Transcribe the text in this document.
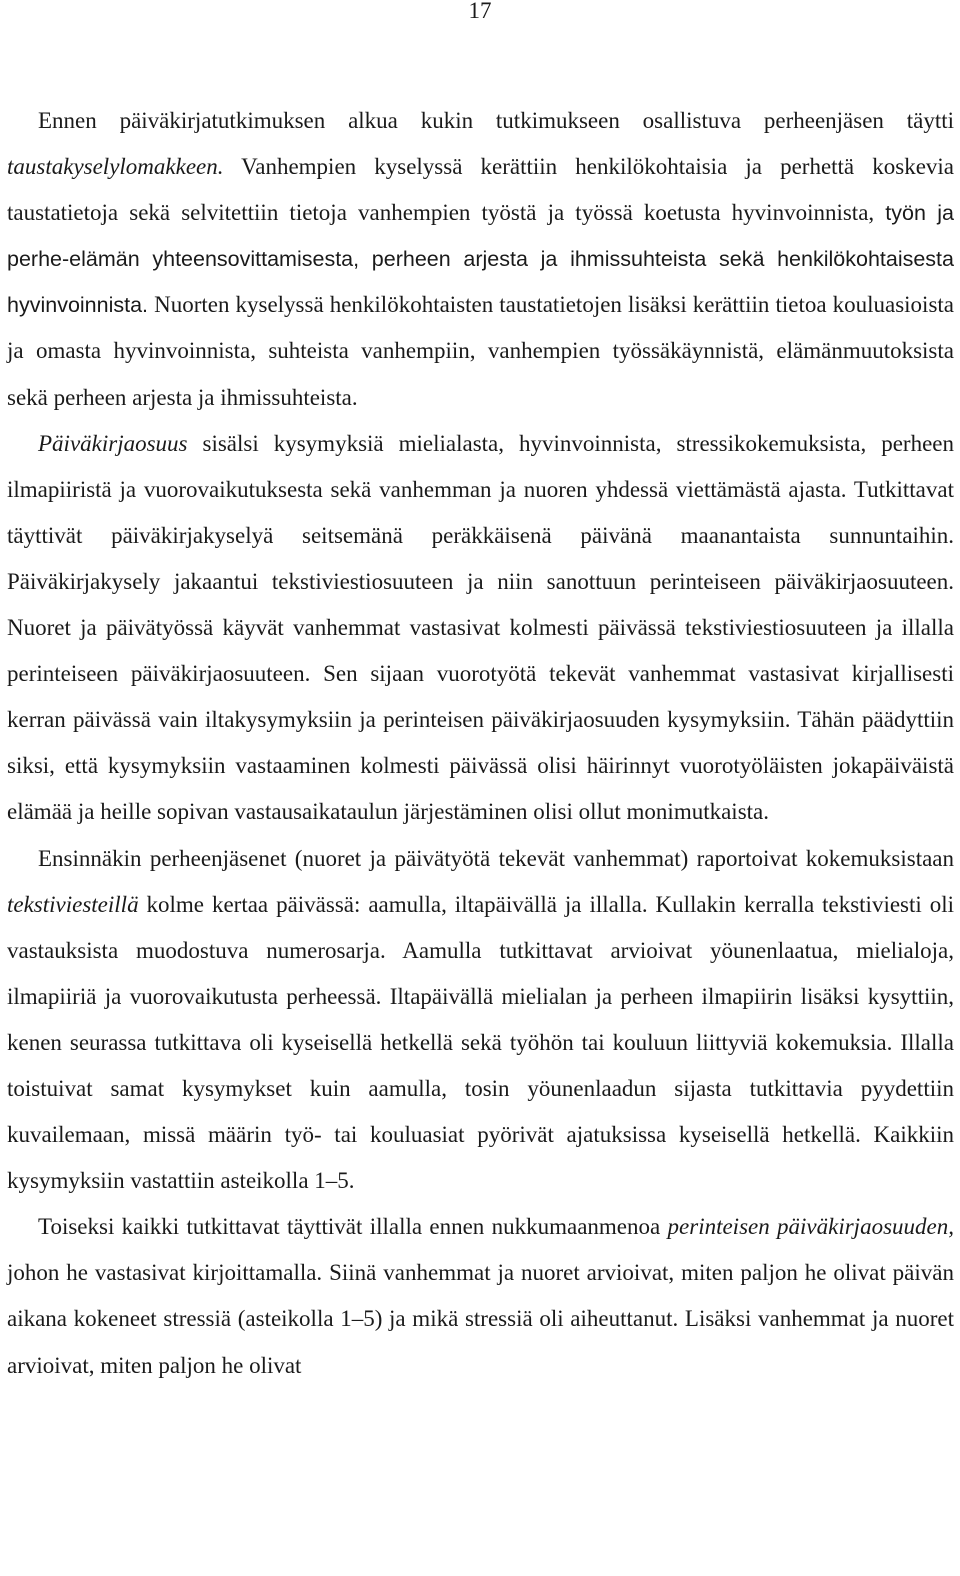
17

Ennen päiväkirjatutkimuksen alkua kukin tutkimukseen osallistuva perheenjäsen täytti taustakyselylomakkeen. Vanhempien kyselyssä kerättiin henkilökohtaisia ja perhettä koskevia taustatietoja sekä selvitettiin tietoja vanhempien työstä ja työssä koetusta hyvinvoinnista, työn ja perhe-elämän yhteensovittamisesta, perheen arjesta ja ihmissuhteista sekä henkilökohtaisesta hyvinvoinnista. Nuorten kyselyssä henkilökohtaisten taustatietojen lisäksi kerättiin tietoa kouluasioista ja omasta hyvinvoinnista, suhteista vanhempiin, vanhempien työssäkäynnistä, elämänmuutoksista sekä perheen arjesta ja ihmissuhteista.

Päiväkirjaosuus sisälsi kysymyksiä mielialasta, hyvinvoinnista, stressikokemuksista, perheen ilmapiiristä ja vuorovaikutuksesta sekä vanhemman ja nuoren yhdessä viettämästä ajasta. Tutkittavat täyttivät päiväkirjakyselyä seitsemänä peräkkäisenä päivänä maanantaista sunnuntaihin. Päiväkirjakysely jakaantui tekstiviestiosuuteen ja niin sanottuun perinteiseen päiväkirjaosuuteen. Nuoret ja päivätyössä käyvät vanhemmat vastasivat kolmesti päivässä tekstiviestiosuuteen ja illalla perinteiseen päiväkirjaosuuteen. Sen sijaan vuorotyötä tekevät vanhemmat vastasivat kirjallisesti kerran päivässä vain iltakysymyksiin ja perinteisen päiväkirjaosuuden kysymyksiin. Tähän päädyttiin siksi, että kysymyksiin vastaaminen kolmesti päivässä olisi häirinnyt vuorotyöläisten jokapäiväistä elämää ja heille sopivan vastausaikataulun järjestäminen olisi ollut monimutkaista.

Ensinnäkin perheenjäsenet (nuoret ja päivätyötä tekevät vanhemmat) raportoivat kokemuksistaan tekstiviesteillä kolme kertaa päivässä: aamulla, iltapäivällä ja illalla. Kullakin kerralla tekstiviesti oli vastauksista muodostuva numerosarja. Aamulla tutkittavat arvioivat yöunenlaatua, mielialoja, ilmapiiriä ja vuorovaikutusta perheessä. Iltapäivällä mielialan ja perheen ilmapiirin lisäksi kysyttiin, kenen seurassa tutkittava oli kyseisellä hetkellä sekä työhön tai kouluun liittyviä kokemuksia. Illalla toistuivat samat kysymykset kuin aamulla, tosin yöunenlaadun sijasta tutkittavia pyydettiin kuvailemaan, missä määrin työ- tai kouluasiat pyörivät ajatuksissa kyseisellä hetkellä. Kaikkiin kysymyksiin vastattiin asteikolla 1–5.

Toiseksi kaikki tutkittavat täyttivät illalla ennen nukkumaanmenoa perinteisen päiväkirjaosuuden, johon he vastasivat kirjoittamalla. Siinä vanhemmat ja nuoret arvioivat, miten paljon he olivat päivän aikana kokeneet stressiä (asteikolla 1–5) ja mikä stressiä oli aiheuttanut. Lisäksi vanhemmat ja nuoret arvioivat, miten paljon he olivat
